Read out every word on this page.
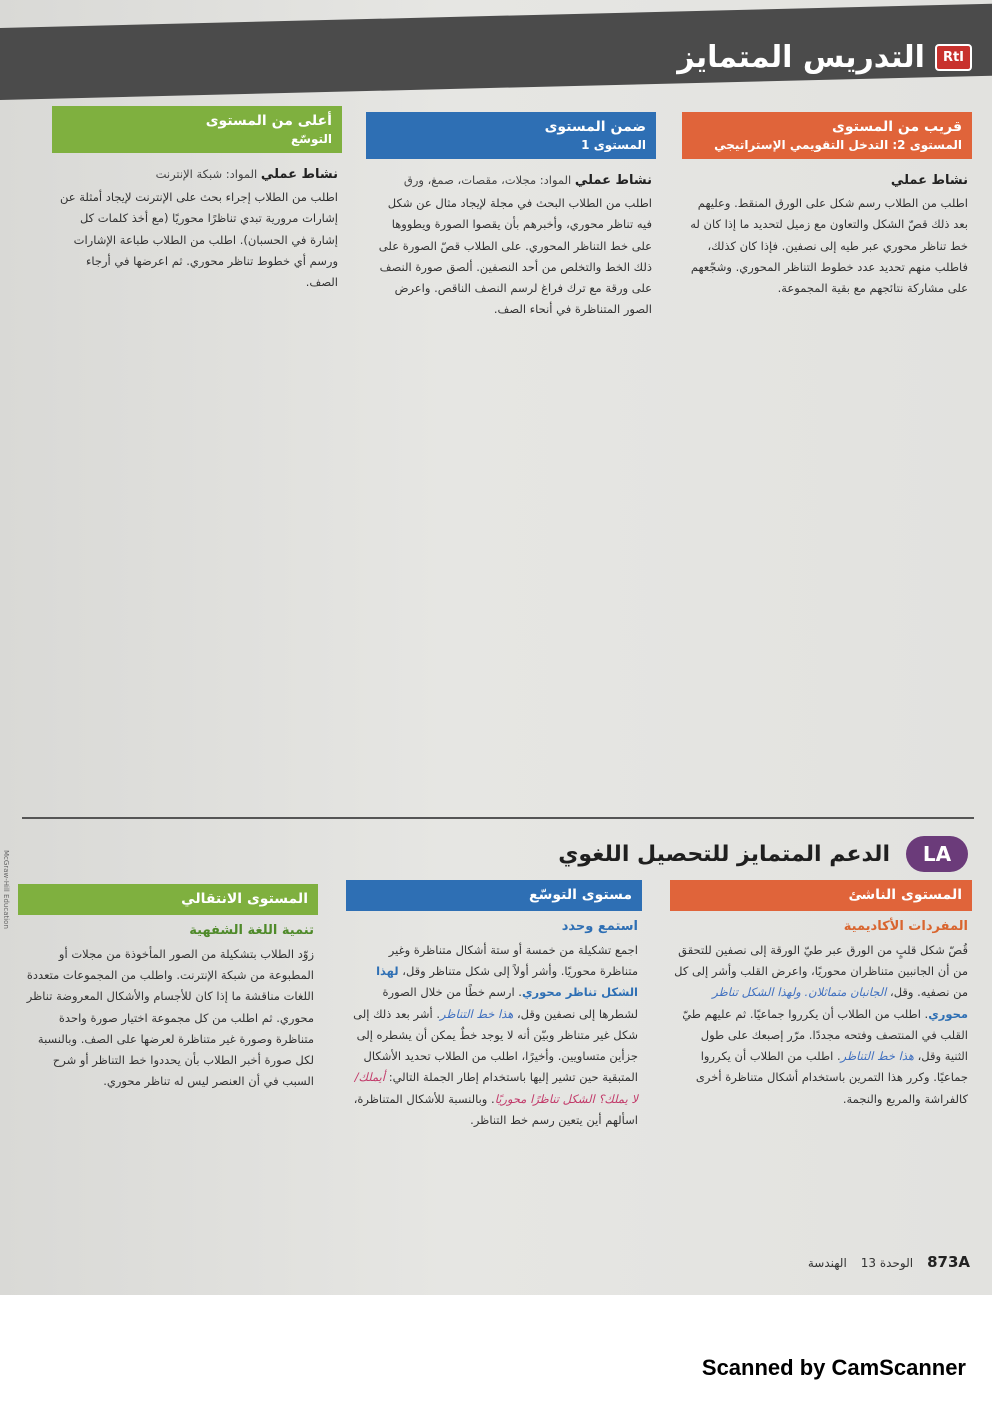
RtI
التدريس المتمايز
قريب من المستوى
المستوى 2: التدخل التقويمي الإستراتيجي
نشاط عملي
اطلب من الطلاب رسم شكل على الورق المنقط. وعليهم بعد ذلك قصّ الشكل والتعاون مع زميل لتحديد ما إذا كان له خط تناظر محوري عبر طيه إلى نصفين. فإذا كان كذلك، فاطلب منهم تحديد عدد خطوط التناظر المحوري. وشجّعهم على مشاركة نتائجهم مع بقية المجموعة.
ضمن المستوى
المستوى 1
نشاط عملي المواد: مجلات، مقصات، صمغ، ورق
اطلب من الطلاب البحث في مجلة لإيجاد مثال عن شكل فيه تناظر محوري، وأخبرهم بأن يقصوا الصورة ويطووها على خط التناظر المحوري. على الطلاب قصّ الصورة على ذلك الخط والتخلص من أحد النصفين. ألصق صورة النصف على ورقة مع ترك فراغ لرسم النصف الناقص. واعرض الصور المتناظرة في أنحاء الصف.
أعلى من المستوى
التوسّع
نشاط عملي المواد: شبكة الإنترنت
اطلب من الطلاب إجراء بحث على الإنترنت لإيجاد أمثلة عن إشارات مرورية تبدي تناظرًا محوريًا (مع أخذ كلمات كل إشارة في الحسبان). اطلب من الطلاب طباعة الإشارات ورسم أي خطوط تناظر محوري. ثم اعرضها في أرجاء الصف.
LA
الدعم المتمايز للتحصيل اللغوي
المستوى الناشئ
المفردات الأكاديمية
قُصّ شكل قلبٍ من الورق عبر طيّ الورقة إلى نصفين للتحقق من أن الجانبين متناظران محوريًا، واعرض القلب وأشر إلى كل من نصفيه. وقل، الجانبان متماثلان. ولهذا الشكل تناظر محوري. اطلب من الطلاب أن يكرروا جماعيًا. ثم عليهم طيّ القلب في المنتصف وفتحه مجددًا. مرّر إصبعك على طول الثنية وقل، هذا خط التناظر. اطلب من الطلاب أن يكرروا جماعيًا. وكرر هذا التمرين باستخدام أشكال متناظرة أخرى كالفراشة والمربع والنجمة.
مستوى التوسّع
استمع وحدد
اجمع تشكيلة من خمسة أو ستة أشكال متناظرة وغير متناظرة محوريًا. وأشر أولاً إلى شكل متناظر وقل، لهذا الشكل تناظر محوري. ارسم خطًا من خلال الصورة لشطرها إلى نصفين وقل، هذا خط التناظر. أشر بعد ذلك إلى شكل غير متناظر وبيّن أنه لا يوجد خطٌ يمكن أن يشطره إلى جزأين متساويين. وأخيرًا، اطلب من الطلاب تحديد الأشكال المتبقية حين تشير إليها باستخدام إطار الجملة التالي: أيملك/لا يملك؟ الشكل تناظرًا محوريًا. وبالنسبة للأشكال المتناظرة، اسألهم أين يتعين رسم خط التناظر.
المستوى الانتقالي
تنمية اللغة الشفهية
زوّد الطلاب بتشكيلة من الصور المأخوذة من مجلات أو المطبوعة من شبكة الإنترنت. واطلب من المجموعات متعددة اللغات مناقشة ما إذا كان للأجسام والأشكال المعروضة تناظر محوري. ثم اطلب من كل مجموعة اختيار صورة واحدة متناظرة وصورة غير متناظرة لعرضها على الصف. وبالنسبة لكل صورة أخبر الطلاب بأن يحددوا خط التناظر أو شرح السبب في أن العنصر ليس له تناظر محوري.
873A
الوحدة 13
الهندسة
McGraw-Hill Education
Scanned by CamScanner
